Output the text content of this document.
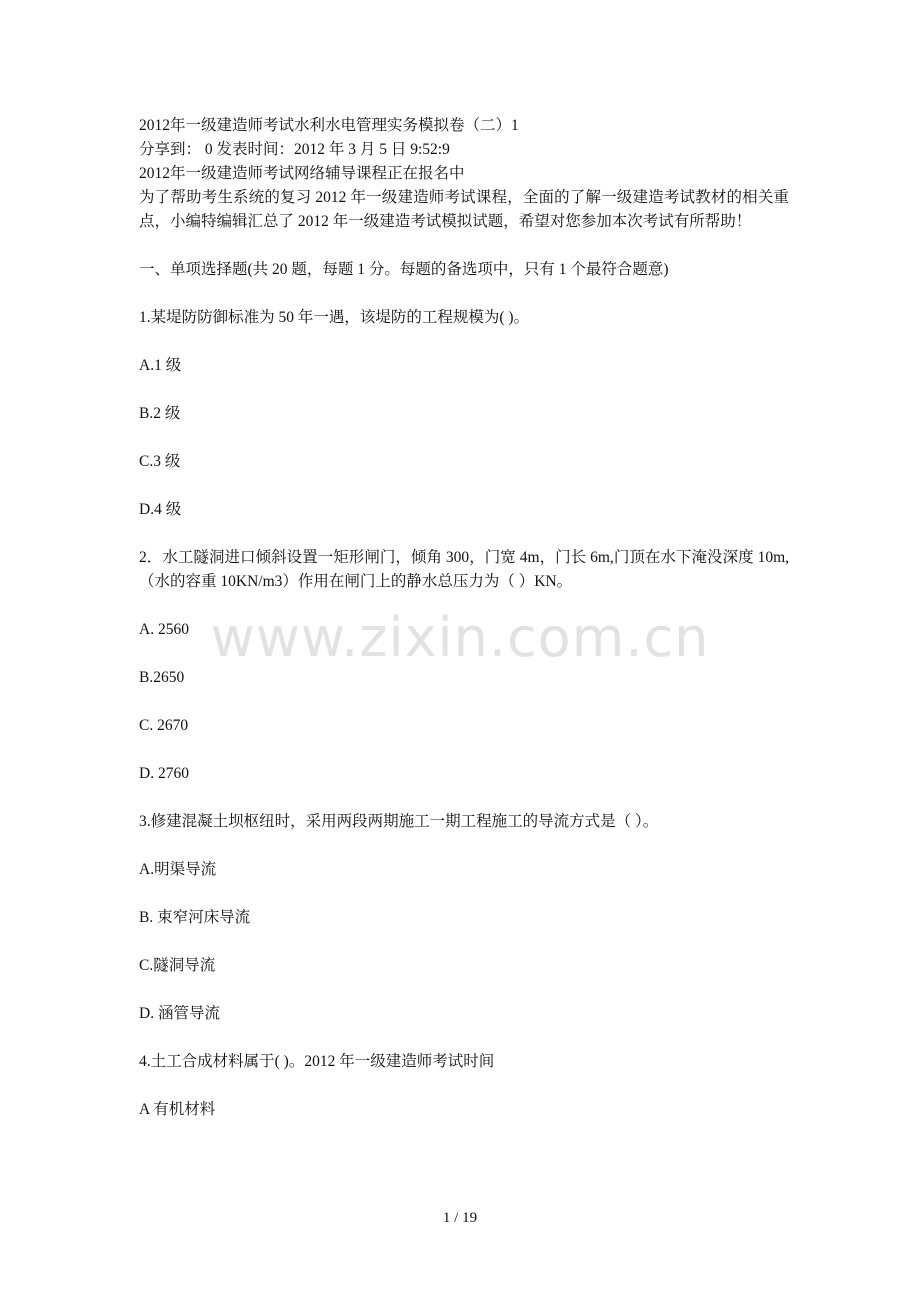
2012年一级建造师考试水利水电管理实务模拟卷（二）1
分享到： 0 发表时间：2012 年 3 月 5 日 9:52:9
2012年一级建造师考试网络辅导课程正在报名中
为了帮助考生系统的复习 2012 年一级建造师考试课程，全面的了解一级建造考试教材的相关重点，小编特编辑汇总了 2012 年一级建造考试模拟试题，希望对您参加本次考试有所帮助！
一、单项选择题(共 20 题，每题 1 分。每题的备选项中，只有 1 个最符合题意)
1.某堤防防御标准为 50 年一遇，该堤防的工程规模为( )。
A.1 级
B.2 级
C.3 级
D.4 级
2．水工隧洞进口倾斜设置一矩形闸门，倾角 300，门宽 4m，门长 6m,门顶在水下淹没深度 10m,（水的容重 10KN/m3）作用在闸门上的静水总压力为（ ）KN。
A. 2560
B.2650
C. 2670
D. 2760
3.修建混凝土坝枢纽时，采用两段两期施工一期工程施工的导流方式是（ ）。
A.明渠导流
B. 束窄河床导流
C.隧洞导流
D. 涵管导流
4.土工合成材料属于( )。2012 年一级建造师考试时间
A 有机材料
www.zixin.com.cn
1 / 19
